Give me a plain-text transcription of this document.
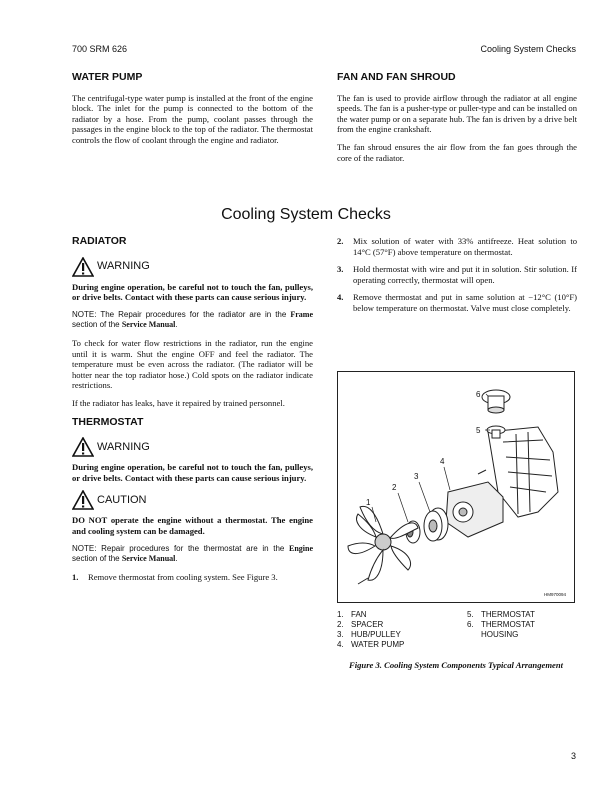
700 SRM 626	Cooling System Checks
WATER PUMP

The centrifugal-type water pump is installed at the front of the engine block. The inlet for the pump is connected to the bottom of the radiator by a hose. From the pump, coolant passes through the passages in the engine block to the top of the radiator. The thermostat controls the flow of coolant through the engine and radiator.

FAN AND FAN SHROUD

The fan is used to provide airflow through the radiator at all engine speeds. The fan is a pusher-type or puller-type and can be installed on the water pump or on a separate hub. The fan is driven by a drive belt from the engine crankshaft.

The fan shroud ensures the air flow from the fan goes through the core of the radiator.

Cooling System Checks
RADIATOR
WARNING

During engine operation, be careful not to touch the fan, pulleys, or drive belts. Contact with these parts can cause serious injury.

NOTE: The Repair procedures for the radiator are in the Frame section of the Service Manual.

To check for water flow restrictions in the radiator, run the engine until it is warm. Shut the engine OFF and feel the radiator. The temperature must be even across the radiator. (The radiator will be hotter near the top radiator hose.) Cold spots on the radiator indicate restrictions.

If the radiator has leaks, have it repaired by trained personnel.

THERMOSTAT
WARNING

During engine operation, be careful not to touch the fan, pulleys, or drive belts. Contact with these parts can cause serious injury.

CAUTION

DO NOT operate the engine without a thermostat. The engine and cooling system can be damaged.

NOTE: Repair procedures for the thermostat are in the Engine section of the Service Manual.

1.	Remove thermostat from cooling system. See Figure 3.
2.	Mix solution of water with 33% antifreeze. Heat solution to 14°C (57°F) above temperature on thermostat.
3.	Hold thermostat with wire and put it in solution. Stir solution. If operating correctly, thermostat will open.
4.	Remove thermostat and put in same solution at −12°C (10°F) below temperature on thermostat. Valve must close completely.
1
2
3
4
5
6
HM970094
1. FAN
2. SPACER
3. HUB/PULLEY
4. WATER PUMP
5. THERMOSTAT
6. THERMOSTAT
HOUSING
Figure 3. Cooling System Components Typical Arrangement
3
